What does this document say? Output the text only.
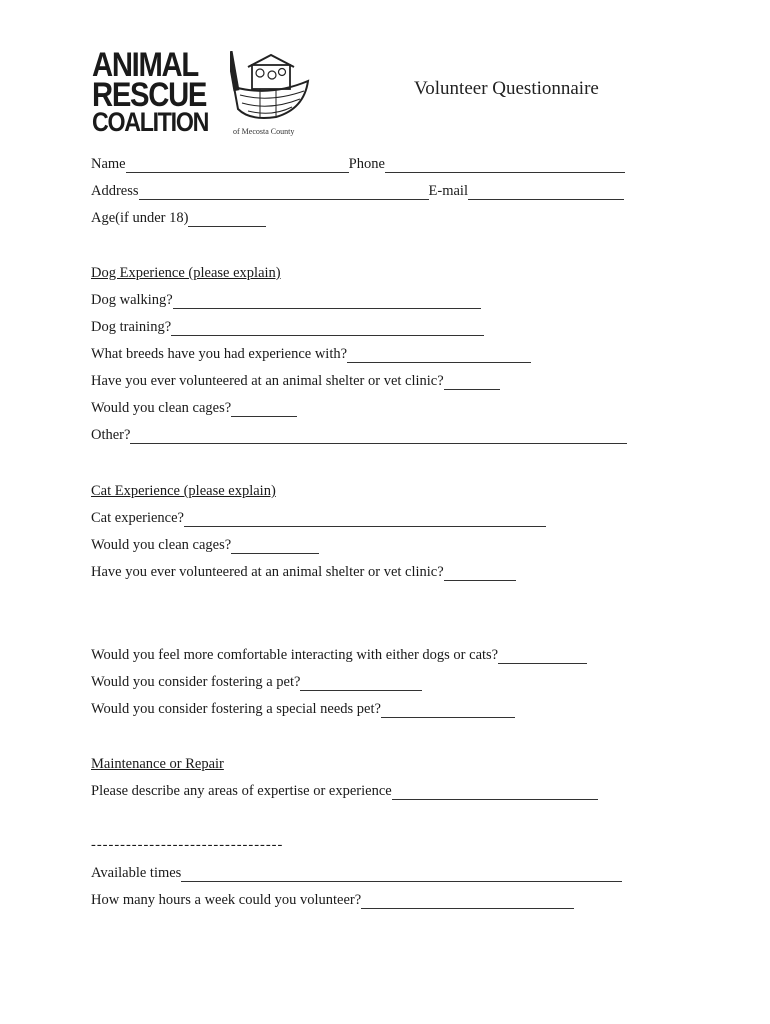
ANIMAL
RESCUE
COALITION	of Mecosta County
Volunteer Questionnaire
Name	Phone
Address	E-mail
Age(if under 18)
Dog Experience (please explain)
Dog walking?
Dog training?
What breeds have you had experience with?
Have you ever volunteered at an animal shelter or vet clinic?
Would you clean cages?
Other?
Cat Experience (please explain)
Cat experience?
Would you clean cages?
Have you ever volunteered at an animal shelter or vet clinic?
Would you feel more comfortable interacting with either dogs or cats?
Would you consider fostering a pet?
Would you consider fostering a special needs pet?
Maintenance or Repair
Please describe any areas of expertise or experience
---------------------------------
Available times
How many hours a week could you volunteer?
